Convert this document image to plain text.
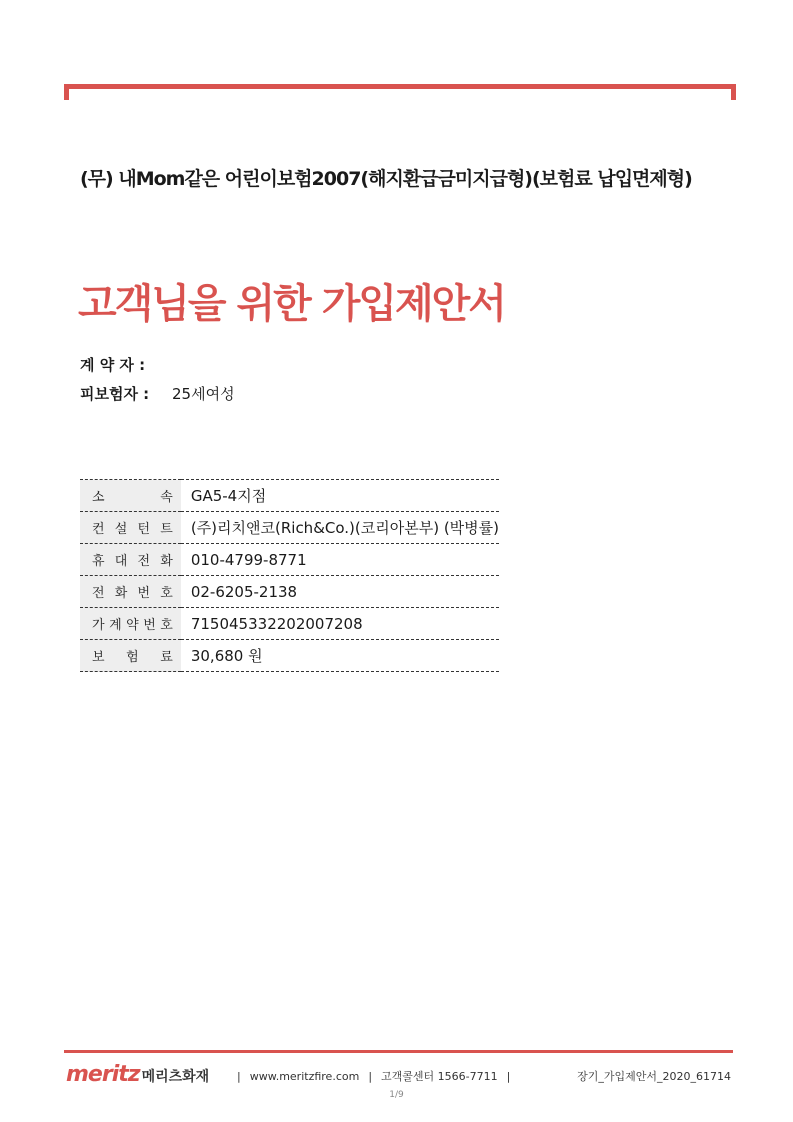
(무) 내Mom같은 어린이보험2007(해지환급금미지급형)(보험료 납입면제형)
고객님을 위한 가입제안서
계 약 자 :
피보험자 : 25세여성
소 속	GA5-4지점

컨 설 턴 트	(주)리치앤코(Rich&Co.)(코리아본부) (박병률)

휴 대 전 화	010-4799-8771

전 화 번 호	02-6205-2138

가 계 약 번 호	715045332202007208

보 험 료	30,680 원
meritz 메리츠화재	| www.meritzfire.com | 고객콜센터 1566-7711 |	장기_가입제안서_2020_61714
1/9
